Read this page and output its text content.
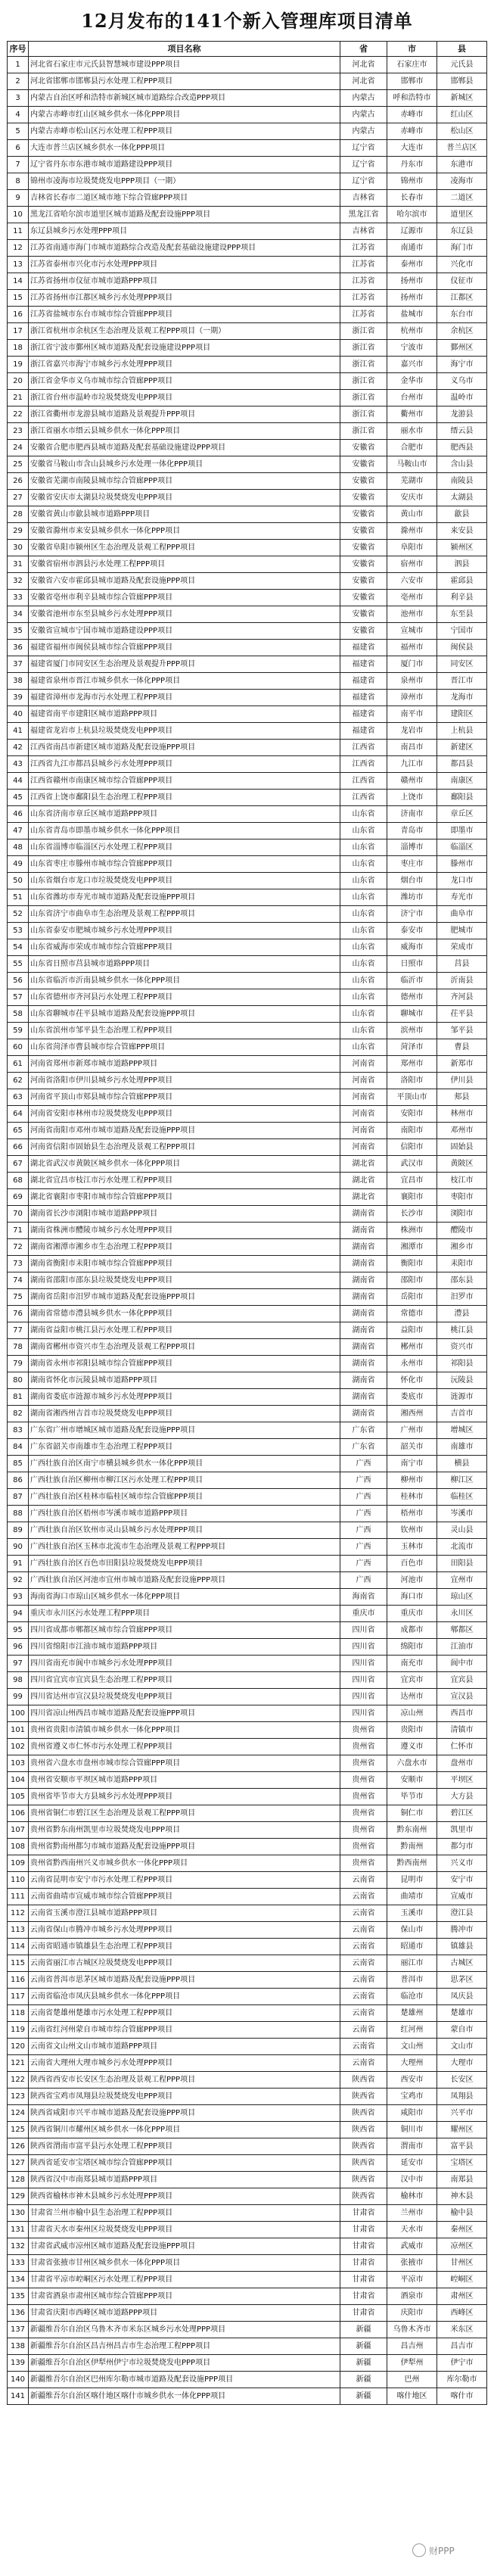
12月发布的141个新入管理库项目清单
序号	项目名称	省	市	县
1	河北省石家庄市元氏县智慧城市建设PPP项目	河北省	石家庄市	元氏县
2	河北省邯郸市邯郸县污水处理工程PPP项目	河北省	邯郸市	邯郸县
3	内蒙古自治区呼和浩特市新城区城市道路综合改造PPP项目	内蒙古	呼和浩特市	新城区
4	内蒙古赤峰市红山区城乡供水一体化PPP项目	内蒙古	赤峰市	红山区
5	内蒙古赤峰市松山区污水处理工程PPP项目	内蒙古	赤峰市	松山区
6	大连市普兰店区城乡供水一体化PPP项目	辽宁省	大连市	普兰店区
7	辽宁省丹东市东港市城市道路建设PPP项目	辽宁省	丹东市	东港市
8	锦州市凌海市垃圾焚烧发电PPP项目（一期）	辽宁省	锦州市	凌海市
9	吉林省长春市二道区城市地下综合管廊PPP项目	吉林省	长春市	二道区
10	黑龙江省哈尔滨市道里区城市道路及配套设施PPP项目	黑龙江省	哈尔滨市	道里区
11	东辽县城乡污水处理PPP项目	吉林省	辽源市	东辽县
12	江苏省南通市海门市城市道路综合改造及配套基础设施建设PPP项目	江苏省	南通市	海门市
13	江苏省泰州市兴化市污水处理PPP项目	江苏省	泰州市	兴化市
14	江苏省扬州市仪征市城市道路PPP项目	江苏省	扬州市	仪征市
15	江苏省扬州市江都区城乡污水处理PPP项目	江苏省	扬州市	江都区
16	江苏省盐城市东台市城市综合管廊PPP项目	江苏省	盐城市	东台市
17	浙江省杭州市余杭区生态治理及景观工程PPP项目（一期）	浙江省	杭州市	余杭区
18	浙江省宁波市鄞州区城市道路及配套设施建设PPP项目	浙江省	宁波市	鄞州区
19	浙江省嘉兴市海宁市城乡污水处理PPP项目	浙江省	嘉兴市	海宁市
20	浙江省金华市义乌市城市综合管廊PPP项目	浙江省	金华市	义乌市
21	浙江省台州市温岭市垃圾焚烧发电PPP项目	浙江省	台州市	温岭市
22	浙江省衢州市龙游县城市道路及景观提升PPP项目	浙江省	衢州市	龙游县
23	浙江省丽水市缙云县城乡供水一体化PPP项目	浙江省	丽水市	缙云县
24	安徽省合肥市肥西县城市道路及配套基础设施建设PPP项目	安徽省	合肥市	肥西县
25	安徽省马鞍山市含山县城乡污水处理一体化PPP项目	安徽省	马鞍山市	含山县
26	安徽省芜湖市南陵县城市综合管廊PPP项目	安徽省	芜湖市	南陵县
27	安徽省安庆市太湖县垃圾焚烧发电PPP项目	安徽省	安庆市	太湖县
28	安徽省黄山市歙县城市道路PPP项目	安徽省	黄山市	歙县
29	安徽省滁州市来安县城乡供水一体化PPP项目	安徽省	滁州市	来安县
30	安徽省阜阳市颍州区生态治理及景观工程PPP项目	安徽省	阜阳市	颍州区
31	安徽省宿州市泗县污水处理工程PPP项目	安徽省	宿州市	泗县
32	安徽省六安市霍邱县城市道路及配套设施PPP项目	安徽省	六安市	霍邱县
33	安徽省亳州市利辛县城市综合管廊PPP项目	安徽省	亳州市	利辛县
34	安徽省池州市东至县城乡污水处理PPP项目	安徽省	池州市	东至县
35	安徽省宣城市宁国市城市道路建设PPP项目	安徽省	宣城市	宁国市
36	福建省福州市闽侯县城市综合管廊PPP项目	福建省	福州市	闽侯县
37	福建省厦门市同安区生态治理及景观提升PPP项目	福建省	厦门市	同安区
38	福建省泉州市晋江市城乡供水一体化PPP项目	福建省	泉州市	晋江市
39	福建省漳州市龙海市污水处理工程PPP项目	福建省	漳州市	龙海市
40	福建省南平市建阳区城市道路PPP项目	福建省	南平市	建阳区
41	福建省龙岩市上杭县垃圾焚烧发电PPP项目	福建省	龙岩市	上杭县
42	江西省南昌市新建区城市道路及配套设施PPP项目	江西省	南昌市	新建区
43	江西省九江市都昌县城乡污水处理PPP项目	江西省	九江市	都昌县
44	江西省赣州市南康区城市综合管廊PPP项目	江西省	赣州市	南康区
45	江西省上饶市鄱阳县生态治理工程PPP项目	江西省	上饶市	鄱阳县
46	山东省济南市章丘区城市道路PPP项目	山东省	济南市	章丘区
47	山东省青岛市即墨市城乡供水一体化PPP项目	山东省	青岛市	即墨市
48	山东省淄博市临淄区污水处理工程PPP项目	山东省	淄博市	临淄区
49	山东省枣庄市滕州市城市综合管廊PPP项目	山东省	枣庄市	滕州市
50	山东省烟台市龙口市垃圾焚烧发电PPP项目	山东省	烟台市	龙口市
51	山东省潍坊市寿光市城市道路及配套设施PPP项目	山东省	潍坊市	寿光市
52	山东省济宁市曲阜市生态治理及景观工程PPP项目	山东省	济宁市	曲阜市
53	山东省泰安市肥城市城乡污水处理PPP项目	山东省	泰安市	肥城市
54	山东省威海市荣成市城市综合管廊PPP项目	山东省	威海市	荣成市
55	山东省日照市莒县城市道路PPP项目	山东省	日照市	莒县
56	山东省临沂市沂南县城乡供水一体化PPP项目	山东省	临沂市	沂南县
57	山东省德州市齐河县污水处理工程PPP项目	山东省	德州市	齐河县
58	山东省聊城市茌平县城市道路及配套设施PPP项目	山东省	聊城市	茌平县
59	山东省滨州市邹平县生态治理工程PPP项目	山东省	滨州市	邹平县
60	山东省菏泽市曹县城市综合管廊PPP项目	山东省	菏泽市	曹县
61	河南省郑州市新郑市城市道路PPP项目	河南省	郑州市	新郑市
62	河南省洛阳市伊川县城乡污水处理PPP项目	河南省	洛阳市	伊川县
63	河南省平顶山市郏县城市综合管廊PPP项目	河南省	平顶山市	郏县
64	河南省安阳市林州市垃圾焚烧发电PPP项目	河南省	安阳市	林州市
65	河南省南阳市邓州市城市道路及配套设施PPP项目	河南省	南阳市	邓州市
66	河南省信阳市固始县生态治理及景观工程PPP项目	河南省	信阳市	固始县
67	湖北省武汉市黄陂区城乡供水一体化PPP项目	湖北省	武汉市	黄陂区
68	湖北省宜昌市枝江市污水处理工程PPP项目	湖北省	宜昌市	枝江市
69	湖北省襄阳市枣阳市城市综合管廊PPP项目	湖北省	襄阳市	枣阳市
70	湖南省长沙市浏阳市城市道路PPP项目	湖南省	长沙市	浏阳市
71	湖南省株洲市醴陵市城乡污水处理PPP项目	湖南省	株洲市	醴陵市
72	湖南省湘潭市湘乡市生态治理工程PPP项目	湖南省	湘潭市	湘乡市
73	湖南省衡阳市耒阳市城市综合管廊PPP项目	湖南省	衡阳市	耒阳市
74	湖南省邵阳市邵东县垃圾焚烧发电PPP项目	湖南省	邵阳市	邵东县
75	湖南省岳阳市汨罗市城市道路及配套设施PPP项目	湖南省	岳阳市	汨罗市
76	湖南省常德市澧县城乡供水一体化PPP项目	湖南省	常德市	澧县
77	湖南省益阳市桃江县污水处理工程PPP项目	湖南省	益阳市	桃江县
78	湖南省郴州市资兴市生态治理及景观工程PPP项目	湖南省	郴州市	资兴市
79	湖南省永州市祁阳县城市综合管廊PPP项目	湖南省	永州市	祁阳县
80	湖南省怀化市沅陵县城市道路PPP项目	湖南省	怀化市	沅陵县
81	湖南省娄底市涟源市城乡污水处理PPP项目	湖南省	娄底市	涟源市
82	湖南省湘西州吉首市垃圾焚烧发电PPP项目	湖南省	湘西州	吉首市
83	广东省广州市增城区城市道路及配套设施PPP项目	广东省	广州市	增城区
84	广东省韶关市南雄市生态治理工程PPP项目	广东省	韶关市	南雄市
85	广西壮族自治区南宁市横县城乡供水一体化PPP项目	广西	南宁市	横县
86	广西壮族自治区柳州市柳江区污水处理工程PPP项目	广西	柳州市	柳江区
87	广西壮族自治区桂林市临桂区城市综合管廊PPP项目	广西	桂林市	临桂区
88	广西壮族自治区梧州市岑溪市城市道路PPP项目	广西	梧州市	岑溪市
89	广西壮族自治区钦州市灵山县城乡污水处理PPP项目	广西	钦州市	灵山县
90	广西壮族自治区玉林市北流市生态治理及景观工程PPP项目	广西	玉林市	北流市
91	广西壮族自治区百色市田阳县垃圾焚烧发电PPP项目	广西	百色市	田阳县
92	广西壮族自治区河池市宜州市城市道路及配套设施PPP项目	广西	河池市	宜州市
93	海南省海口市琼山区城乡供水一体化PPP项目	海南省	海口市	琼山区
94	重庆市永川区污水处理工程PPP项目	重庆市	重庆市	永川区
95	四川省成都市郫都区城市综合管廊PPP项目	四川省	成都市	郫都区
96	四川省绵阳市江油市城市道路PPP项目	四川省	绵阳市	江油市
97	四川省南充市阆中市城乡污水处理PPP项目	四川省	南充市	阆中市
98	四川省宜宾市宜宾县生态治理工程PPP项目	四川省	宜宾市	宜宾县
99	四川省达州市宣汉县垃圾焚烧发电PPP项目	四川省	达州市	宣汉县
100	四川省凉山州西昌市城市道路及配套设施PPP项目	四川省	凉山州	西昌市
101	贵州省贵阳市清镇市城乡供水一体化PPP项目	贵州省	贵阳市	清镇市
102	贵州省遵义市仁怀市污水处理工程PPP项目	贵州省	遵义市	仁怀市
103	贵州省六盘水市盘州市城市综合管廊PPP项目	贵州省	六盘水市	盘州市
104	贵州省安顺市平坝区城市道路PPP项目	贵州省	安顺市	平坝区
105	贵州省毕节市大方县城乡污水处理PPP项目	贵州省	毕节市	大方县
106	贵州省铜仁市碧江区生态治理及景观工程PPP项目	贵州省	铜仁市	碧江区
107	贵州省黔东南州凯里市垃圾焚烧发电PPP项目	贵州省	黔东南州	凯里市
108	贵州省黔南州都匀市城市道路及配套设施PPP项目	贵州省	黔南州	都匀市
109	贵州省黔西南州兴义市城乡供水一体化PPP项目	贵州省	黔西南州	兴义市
110	云南省昆明市安宁市污水处理工程PPP项目	云南省	昆明市	安宁市
111	云南省曲靖市宣威市城市综合管廊PPP项目	云南省	曲靖市	宣威市
112	云南省玉溪市澄江县城市道路PPP项目	云南省	玉溪市	澄江县
113	云南省保山市腾冲市城乡污水处理PPP项目	云南省	保山市	腾冲市
114	云南省昭通市镇雄县生态治理工程PPP项目	云南省	昭通市	镇雄县
115	云南省丽江市古城区垃圾焚烧发电PPP项目	云南省	丽江市	古城区
116	云南省普洱市思茅区城市道路及配套设施PPP项目	云南省	普洱市	思茅区
117	云南省临沧市凤庆县城乡供水一体化PPP项目	云南省	临沧市	凤庆县
118	云南省楚雄州楚雄市污水处理工程PPP项目	云南省	楚雄州	楚雄市
119	云南省红河州蒙自市城市综合管廊PPP项目	云南省	红河州	蒙自市
120	云南省文山州文山市城市道路PPP项目	云南省	文山州	文山市
121	云南省大理州大理市城乡污水处理PPP项目	云南省	大理州	大理市
122	陕西省西安市长安区生态治理及景观工程PPP项目	陕西省	西安市	长安区
123	陕西省宝鸡市凤翔县垃圾焚烧发电PPP项目	陕西省	宝鸡市	凤翔县
124	陕西省咸阳市兴平市城市道路及配套设施PPP项目	陕西省	咸阳市	兴平市
125	陕西省铜川市耀州区城乡供水一体化PPP项目	陕西省	铜川市	耀州区
126	陕西省渭南市富平县污水处理工程PPP项目	陕西省	渭南市	富平县
127	陕西省延安市宝塔区城市综合管廊PPP项目	陕西省	延安市	宝塔区
128	陕西省汉中市南郑县城市道路PPP项目	陕西省	汉中市	南郑县
129	陕西省榆林市神木县城乡污水处理PPP项目	陕西省	榆林市	神木县
130	甘肃省兰州市榆中县生态治理工程PPP项目	甘肃省	兰州市	榆中县
131	甘肃省天水市秦州区垃圾焚烧发电PPP项目	甘肃省	天水市	秦州区
132	甘肃省武威市凉州区城市道路及配套设施PPP项目	甘肃省	武威市	凉州区
133	甘肃省张掖市甘州区城乡供水一体化PPP项目	甘肃省	张掖市	甘州区
134	甘肃省平凉市崆峒区污水处理工程PPP项目	甘肃省	平凉市	崆峒区
135	甘肃省酒泉市肃州区城市综合管廊PPP项目	甘肃省	酒泉市	肃州区
136	甘肃省庆阳市西峰区城市道路PPP项目	甘肃省	庆阳市	西峰区
137	新疆维吾尔自治区乌鲁木齐市米东区城乡污水处理PPP项目	新疆	乌鲁木齐市	米东区
138	新疆维吾尔自治区昌吉州昌吉市生态治理工程PPP项目	新疆	昌吉州	昌吉市
139	新疆维吾尔自治区伊犁州伊宁市垃圾焚烧发电PPP项目	新疆	伊犁州	伊宁市
140	新疆维吾尔自治区巴州库尔勒市城市道路及配套设施PPP项目	新疆	巴州	库尔勒市
141	新疆维吾尔自治区喀什地区喀什市城乡供水一体化PPP项目	新疆	喀什地区	喀什市
财PPP
